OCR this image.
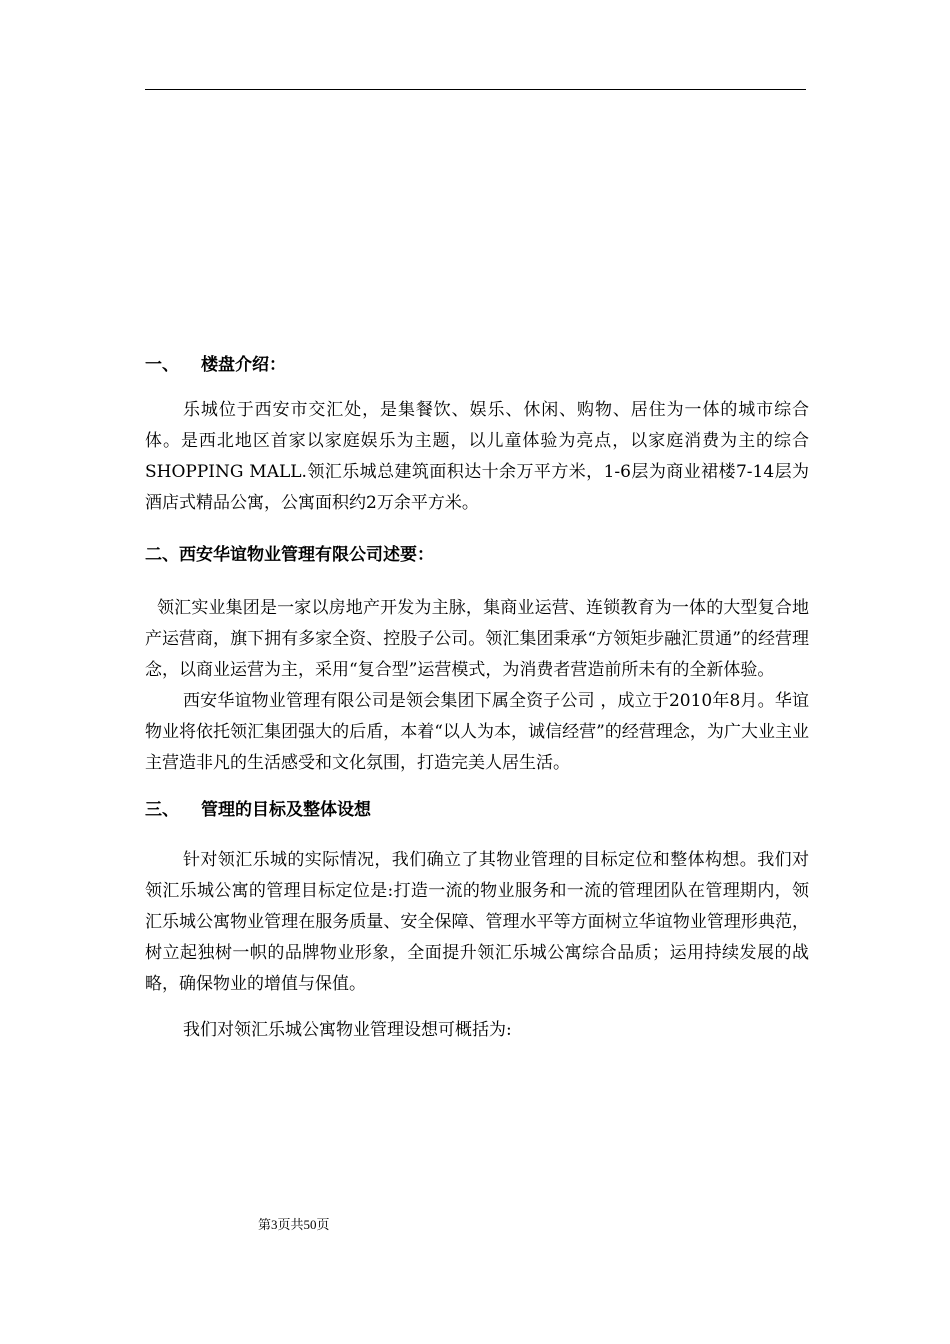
一、 楼盘介绍：

乐城位于西安市交汇处，是集餐饮、娱乐、休闲、购物、居住为一体的城市综合体。是西北地区首家以家庭娱乐为主题，以儿童体验为亮点，以家庭消费为主的综合SHOPPING MALL.领汇乐城总建筑面积达十余万平方米，1-6层为商业裙楼7-14层为酒店式精品公寓，公寓面积约2万余平方米。

二、西安华谊物业管理有限公司述要：

领汇实业集团是一家以房地产开发为主脉，集商业运营、连锁教育为一体的大型复合地产运营商，旗下拥有多家全资、控股子公司。领汇集团秉承“方领矩步融汇贯通”的经营理念，以商业运营为主，采用“复合型”运营模式，为消费者营造前所未有的全新体验。

西安华谊物业管理有限公司是领会集团下属全资子公司 ，成立于2010年8月。华谊物业将依托领汇集团强大的后盾，本着“以人为本，诚信经营”的经营理念，为广大业主业主营造非凡的生活感受和文化氛围，打造完美人居生活。

三、 管理的目标及整体设想

针对领汇乐城的实际情况，我们确立了其物业管理的目标定位和整体构想。我们对领汇乐城公寓的管理目标定位是:打造一流的物业服务和一流的管理团队在管理期内，领汇乐城公寓物业管理在服务质量、安全保障、管理水平等方面树立华谊物业管理形典范，树立起独树一帜的品牌物业形象，全面提升领汇乐城公寓综合品质；运用持续发展的战略，确保物业的增值与保值。

我们对领汇乐城公寓物业管理设想可概括为:

第3页共50页
